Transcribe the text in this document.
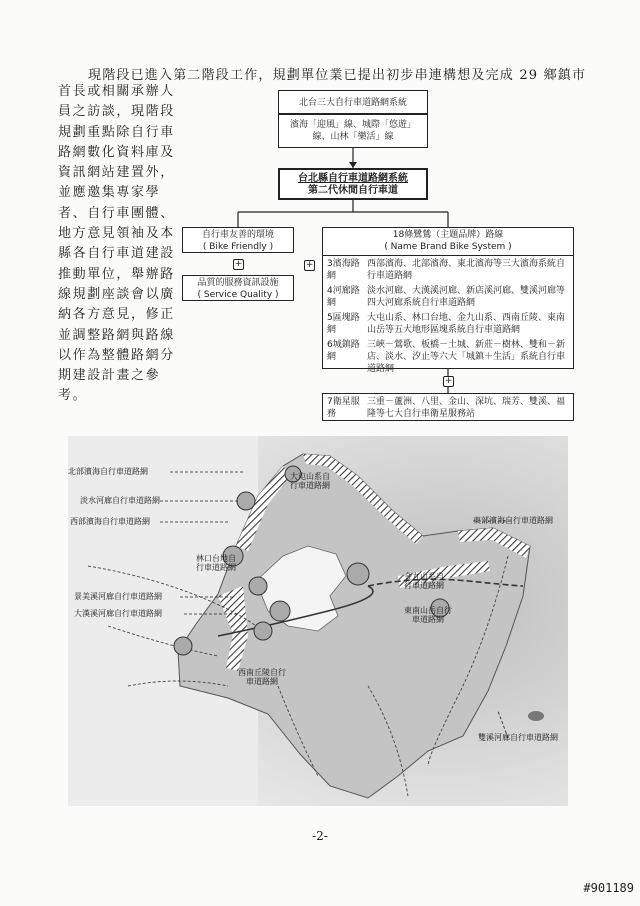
現階段已進入第二階段工作，規劃單位業已提出初步串連構想及完成 29 鄉鎮市
首長或相關承辦人員之訪談，現階段規劃重點除自行車路網數化資料庫及資訊網站建置外，並應邀集專家學者、自行車團體、地方意見領袖及本縣各自行車道建設推動單位，舉辦路線規劃座談會以廣納各方意見，修正並調整路網與路線以作為整體路網分期建設計畫之參考。
北台三大自行車道路網系統
濱海「迎風」線、城際「悠遊」線、山林「樂活」線
台北縣自行車道路網系統
第二代休閒自行車道
自行車友善的環境
( Bike Friendly )
+
品質的服務資訊設施
( Service Quality )
+
18條鷺鷥（主題品牌）路線
( Name Brand Bike System )
3濱海路網
西部濱海、北部濱海、東北濱海等三大濱海系統自行車道路網
4河廊路網
淡水河廊、大漢溪河廊、新店溪河廊、雙溪河廊等四大河廊系統自行車道路網
5區塊路網
大屯山系、林口台地、金九山系、西南丘陵、東南山岳等五大地形區塊系統自行車道路網
6城鎮路網
三峽－鶯歌、板橋－土城、新莊－樹林、雙和－新店、淡水、汐止等六大「城鎮＋生活」系統自行車道路網
+
7衛星服務
三重－蘆洲、八里、金山、深坑、瑞芳、雙溪、福隆等七大自行車衛星服務站
北部濱海自行車道路網
淡水河廊自行車道路網
西部濱海自行車道路網
大屯山系自行車道路網
東部濱海自行車道路網
林口台地自行車道路網
景美溪河廊自行車道路網
大漢溪河廊自行車道路網
金九山系自行車道路網
東南山岳自行車道路網
西南丘陵自行車道路網
雙溪河廊自行車道路網
-2-
#901189
